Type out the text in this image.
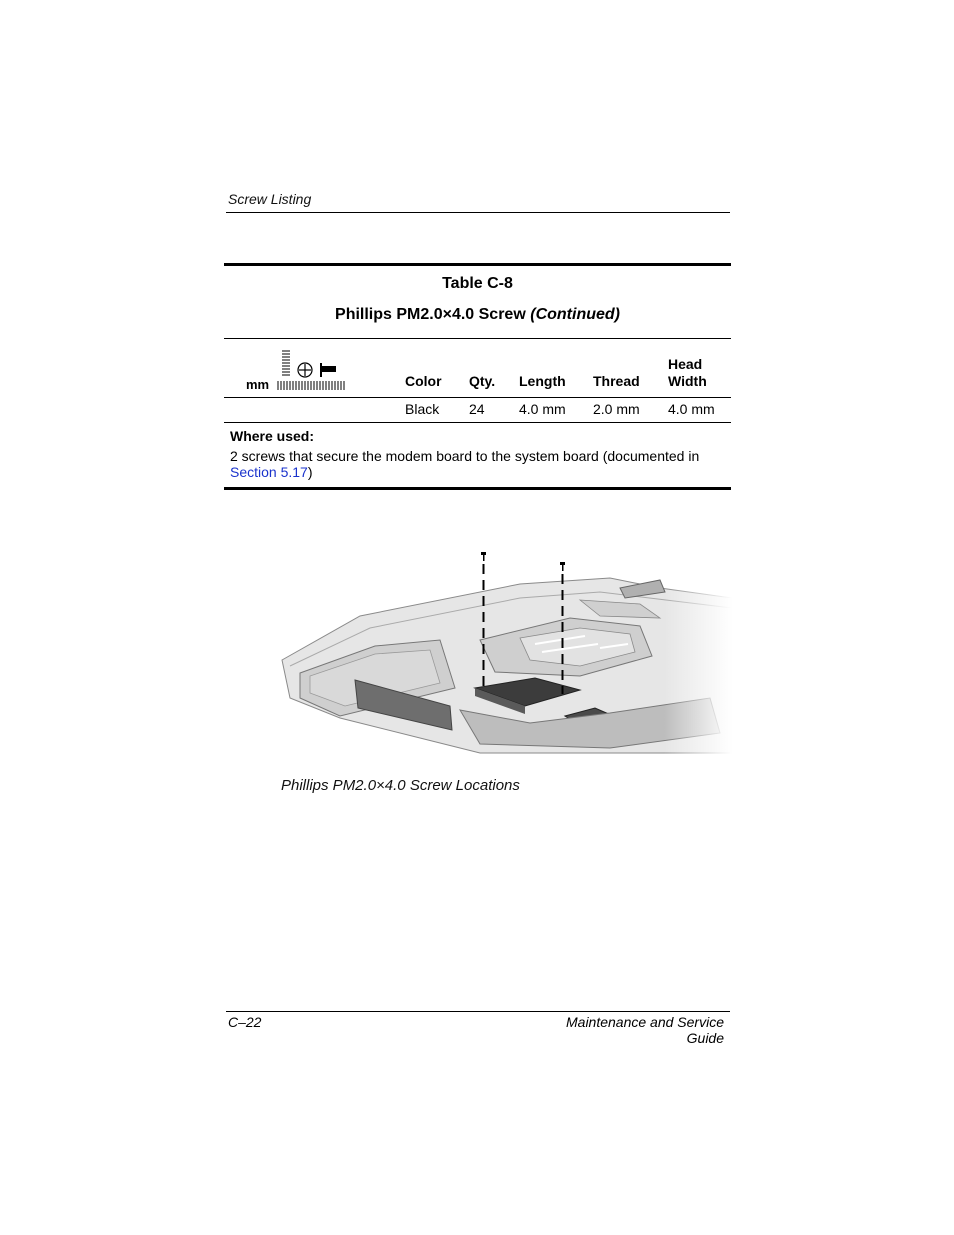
Screw Listing
Table C-8
Phillips PM2.0×4.0 Screw (Continued)
mm	Color Qty. Length Thread
Head
Width
Black 24 4.0 mm 2.0 mm 4.0 mm
Where used:
2 screws that secure the modem board to the system board (documented in Section 5.17)
Phillips PM2.0×4.0 Screw Locations
C–22	Maintenance and Service Guide
